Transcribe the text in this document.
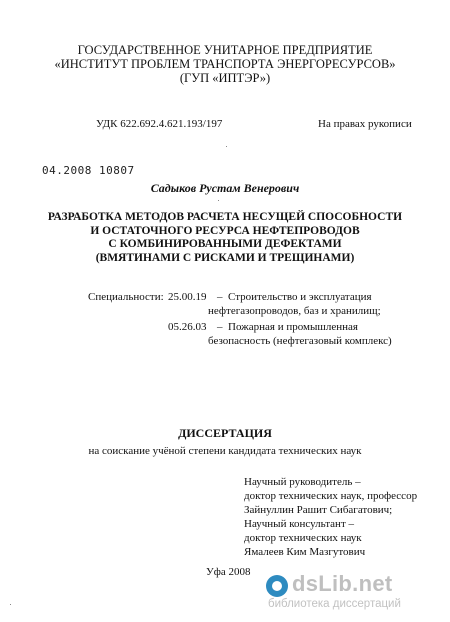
ГОСУДАРСТВЕННОЕ УНИТАРНОЕ ПРЕДПРИЯТИЕ
«ИНСТИТУТ ПРОБЛЕМ ТРАНСПОРТА ЭНЕРГОРЕСУРСОВ»
(ГУП «ИПТЭР»)
УДК 622.692.4.621.193/197	На правах рукописи
04.2008 10807
Садыков Рустам Венерович
РАЗРАБОТКА МЕТОДОВ РАСЧЕТА НЕСУЩЕЙ СПОСОБНОСТИ
И ОСТАТОЧНОГО РЕСУРСА НЕФТЕПРОВОДОВ
С КОМБИНИРОВАННЫМИ ДЕФЕКТАМИ
(ВМЯТИНАМИ С РИСКАМИ И ТРЕЩИНАМИ)
Специальности: 25.00.19 – Строительство и эксплуатация
нефтегазопроводов, баз и хранилищ;
05.26.03 – Пожарная и промышленная
безопасность (нефтегазовый комплекс)
ДИССЕРТАЦИЯ
на соискание учёной степени кандидата технических наук
Научный руководитель –
доктор технических наук, профессор
Зайнуллин Рашит Сибагатович;
Научный консультант –
доктор технических наук
Ямалеев Ким Мазгутович
Уфа 2008 dsLib.net
библиотека диссертаций
